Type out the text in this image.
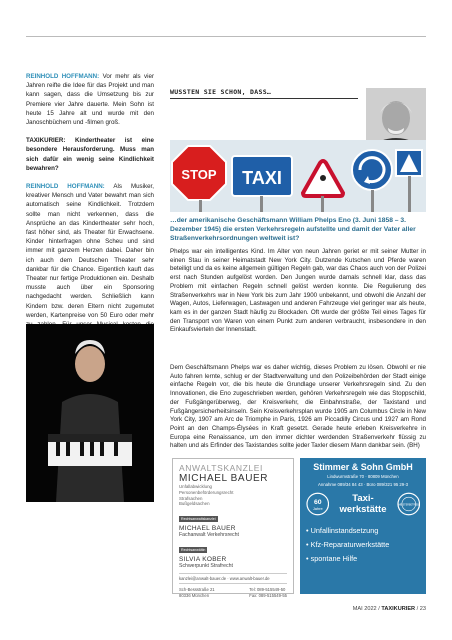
REINHOLD HOFFMANN: Vor mehr als vier Jahren reifte die Idee für das Projekt und man kann sagen, dass die Umsetzung bis zur Premiere vier Jahre dauerte. Mein Sohn ist heute 15 Jahre alt und wurde mit den Janoschbüchern und -filmen groß.

TAXIKURIER: Kindertheater ist eine besondere Herausforderung. Muss man sich dafür ein wenig seine Kindlichkeit bewahren?

REINHOLD HOFFMANN: Als Musiker, kreativer Mensch und Vater bewahrt man sich automatisch seine Kindlichkeit. Trotzdem sollte man nicht verkennen, dass die Ansprüche an das Kindertheater sehr hoch, fast höher sind, als Theater für Erwachsene. Kinder hinterfragen ohne Scheu und sind immer mit ganzem Herzen dabei. Daher bin ich auch dem Deutschen Theater sehr dankbar für die Chance. Eigentlich kauft das Theater nur fertige Produktionen ein. Deshalb musste auch über ein Sponsoring nachgedacht werden. Schließlich kann Kindern bzw. deren Eltern nicht zugemutet werden, Kartenpreise von 50 Euro oder mehr

WUSSTEN SIE SCHON, DASS…
STOP TAXI
…der amerikanische Geschäftsmann William Phelps Eno (3. Juni 1858 – 3. Dezember 1945) die ersten Verkehrsregeln aufstellte und damit der Vater aller Straßenverkehrsordnungen weltweit ist?
Phelps war ein intelligentes Kind. Im Alter von neun Jahren geriet er mit seiner Mutter in einen Stau in seiner Heimatstadt New York City. Dutzende Kutschen und Pferde waren beteiligt und da es keine allgemein gültigen Regeln gab, war das Chaos auch von der Polizei erst nach Stunden aufgelöst worden. Den Jungen wurde damals schnell klar, dass das Problem mit einfachen Regeln schnell gelöst werden konnte. Die Regulierung des Straßenverkehrs war in New York bis zum Jahr 1900 unbekannt, und obwohl die Anzahl der Wagen, Autos, Lieferwagen, Lastwagen und anderen Fahrzeuge viel geringer war als heute, kam es in der ganzen Stadt häufig zu Blockaden. Oft wurde der größte Teil eines Tages für den Transport von Waren von einem Punkt zum anderen verbraucht, insbesondere in den Einkaufsvierteln der Innenstadt.
Dem Geschäftsmann Phelps war es daher wichtig, dieses Problem zu lösen. Obwohl er nie Auto fahren lernte, schlug er der Stadtverwaltung und den Polizeibehörden der Stadt einige einfache Regeln vor, die bis heute die Grundlage unserer Verkehrsregeln sind. Zu den Innovationen, die Eno zugeschrieben werden, gehören Verkehrsregeln wie das Stoppschild, der Fußgängerüberweg, der Kreisverkehr, die Einbahnstraße, der Taxistand und Fußgängersicherheitsinseln. Sein Kreisverkehrsplan wurde 1905 am Columbus Circle in New York City, 1907 am Arc de Triomphe in Paris, 1926 am Piccadilly Circus und 1927 am Rond Point an den Champs-Élysées in Kraft gesetzt. Gerade heute erleben Kreisverkehre in Europa eine Renaissance, um den immer dichter werdenden Straßenverkehr flüssig zu halten und als Erfinder des Taxistandes sollte jeder Taxler diesem Mann dankbar sein. (BH)
ANWALTSKANZLEI
MICHAEL BAUER
Unfallabwicklung
Personenbeförderungsrecht
Strafsachen
Bußgeldsachen
Rechtsanwaltskanzlei
MICHAEL BAUER
Fachanwalt Verkehrsrecht
Rechtsanwältin
SILVIA KOBER
Schwerpunkt Strafrecht
kanzlei@anwalt-bauer.de · www.anwalt-bauer.de
Sch-Bessstraße 21
80336 München
Tel: 089-515549-50
Fax: 089-515549-55
Stimmer & Sohn GmbH
Lindwurmstraße 70 · 80809 München
Annahme 089/34 84 43 · Büro 089/321 95 29-3
60
Jahre
Taxi-werkstätte	MEISTERBETRIEB
• Unfallinstandsetzung
• Kfz-Reparaturwerkstätte
• spontane Hilfe
MAI 2022 / TAXIKURIER / 23
